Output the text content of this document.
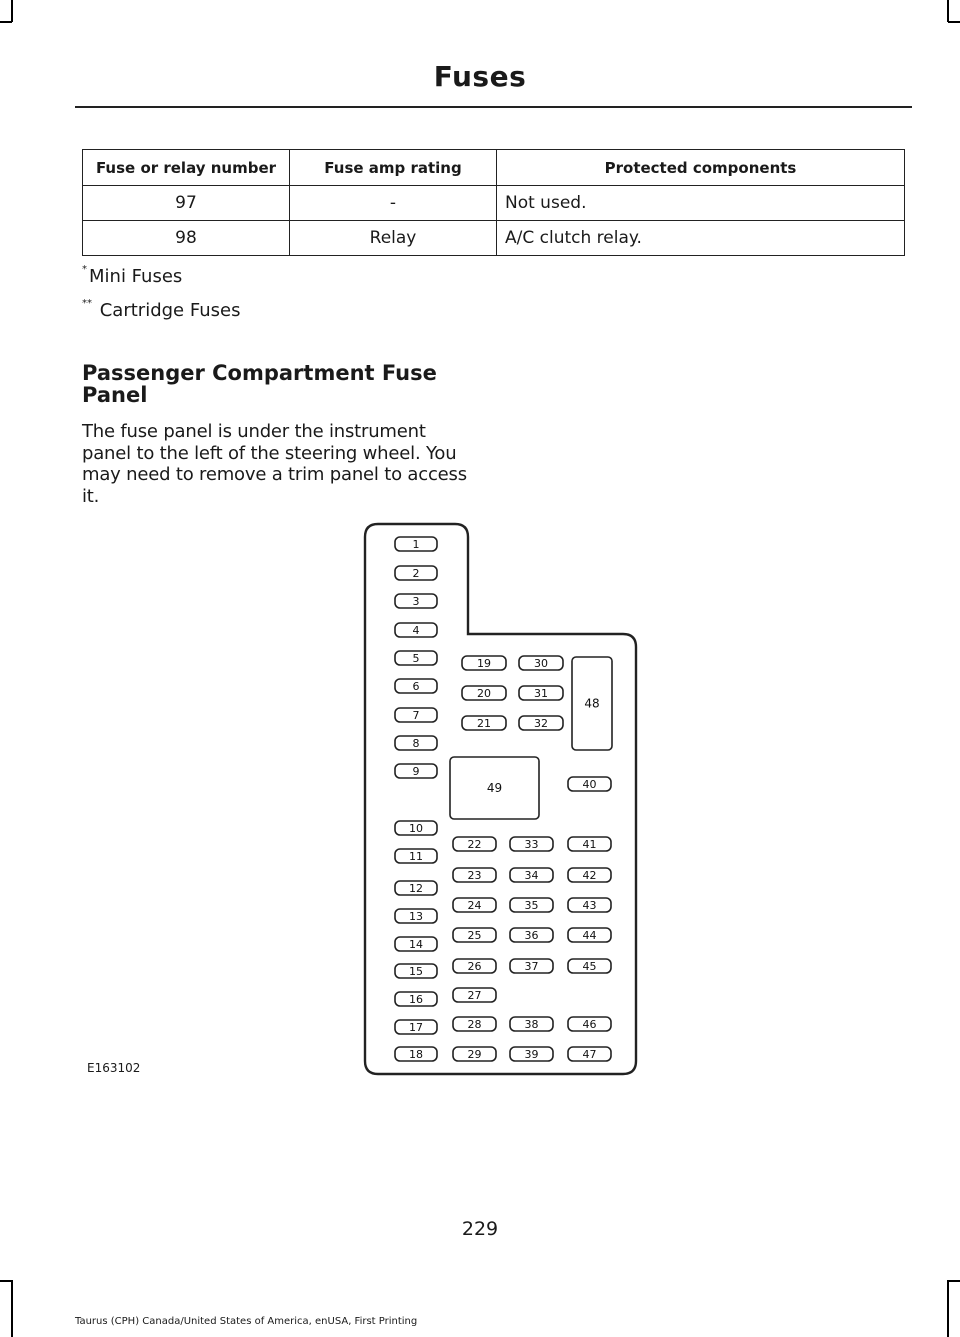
Fuses
Fuse or relay number	Fuse amp rating	Protected components
97	-	Not used.
98	Relay	A/C clutch relay.
* Mini Fuses
** Cartridge Fuses
Passenger Compartment Fuse Panel
The fuse panel is under the instrument panel to the left of the steering wheel. You may need to remove a trim panel to access it.
1
2
3
4
5
6
7
8
9
10
11
12
13
14
15
16
17
18
19
20
21
30
31
32
22
23
24
25
26
27
28
29
33
34
35
36
37
38
39
40
41
42
43
44
45
46
47
48
49
E163102
229
Taurus (CPH) Canada/United States of America, enUSA, First Printing
